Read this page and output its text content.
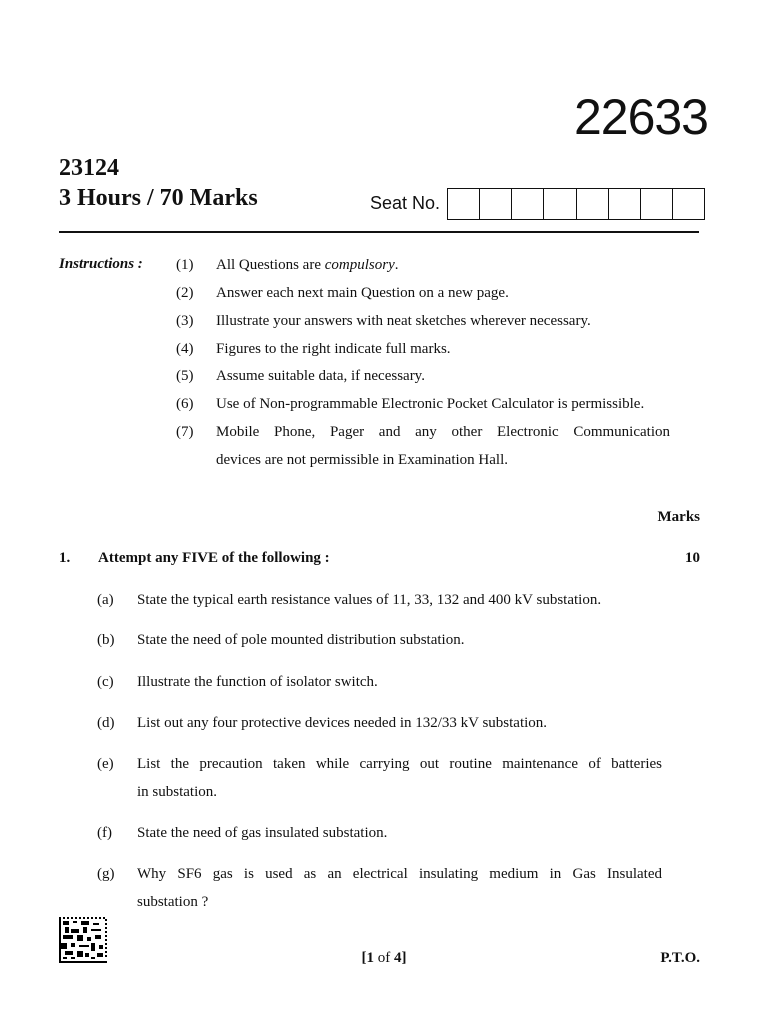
22633
23124
3 Hours / 70 Marks	Seat No.
Instructions : (1) All Questions are compulsory.
(2) Answer each next main Question on a new page.
(3) Illustrate your answers with neat sketches wherever necessary.
(4) Figures to the right indicate full marks.
(5) Assume suitable data, if necessary.
(6) Use of Non-programmable Electronic Pocket Calculator is permissible.
(7) Mobile Phone, Pager and any other Electronic Communication
devices are not permissible in Examination Hall.
Marks
1. Attempt any FIVE of the following :	10
(a) State the typical earth resistance values of 11, 33, 132 and 400 kV substation.
(b) State the need of pole mounted distribution substation.
(c) Illustrate the function of isolator switch.
(d) List out any four protective devices needed in 132/33 kV substation.
(e) List the precaution taken while carrying out routine maintenance of batteries
in substation.
(f) State the need of gas insulated substation.
(g) Why SF6 gas is used as an electrical insulating medium in Gas Insulated
substation ?
[1 of 4]	P.T.O.
